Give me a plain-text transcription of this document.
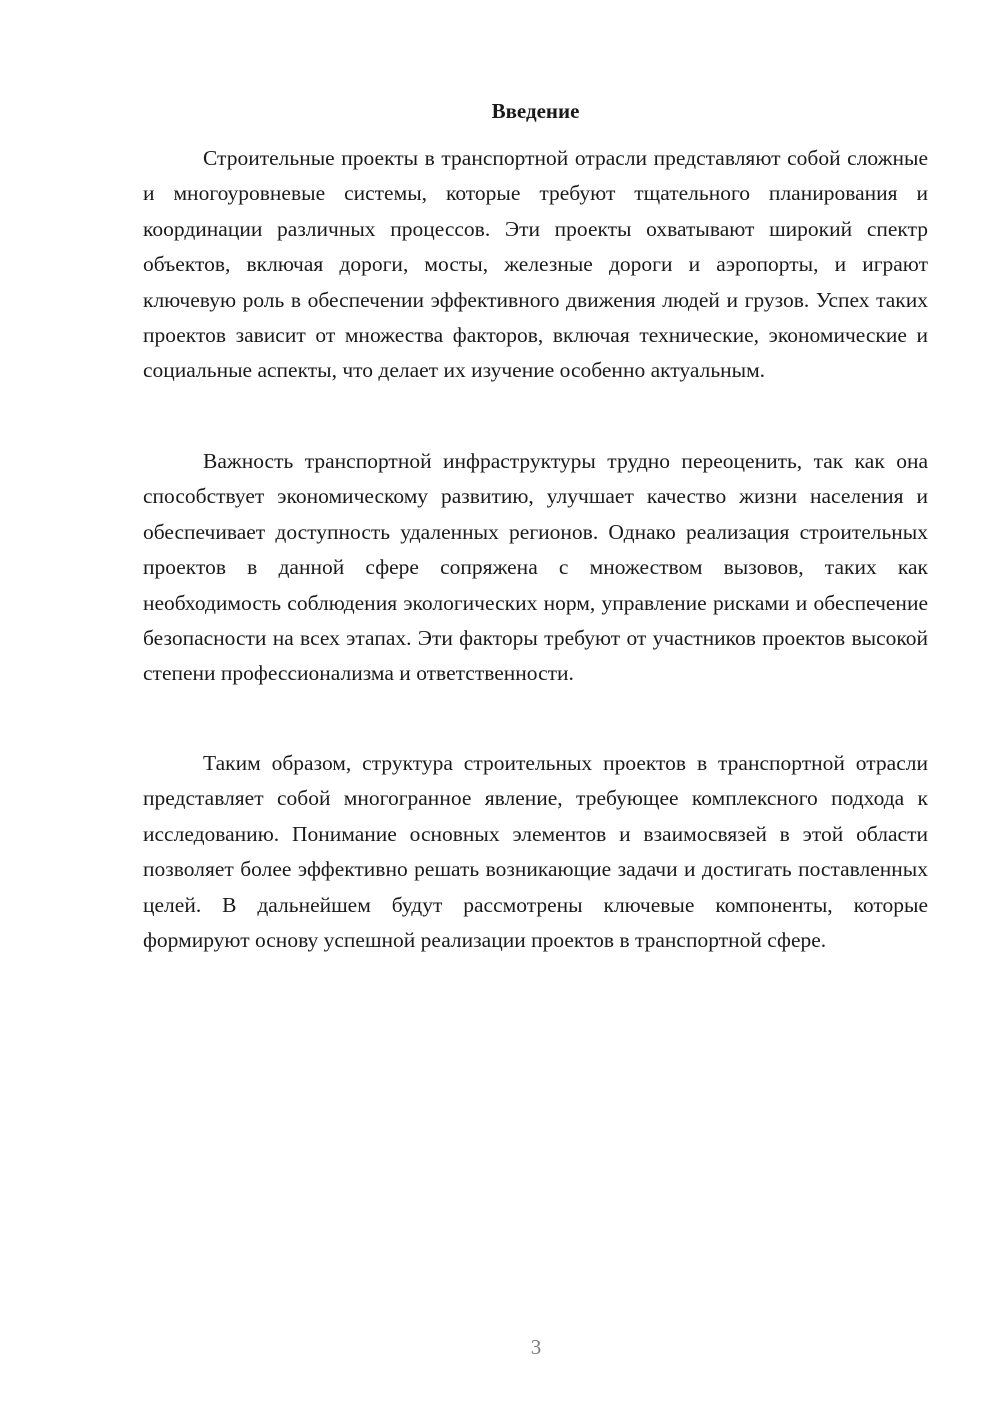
Введение

Строительные проекты в транспортной отрасли представляют собой сложные и многоуровневые системы, которые требуют тщательного планирования и координации различных процессов. Эти проекты охватывают широкий спектр объектов, включая дороги, мосты, железные дороги и аэропорты, и играют ключевую роль в обеспечении эффективного движения людей и грузов. Успех таких проектов зависит от множества факторов, включая технические, экономические и социальные аспекты, что делает их изучение особенно актуальным.

Важность транспортной инфраструктуры трудно переоценить, так как она способствует экономическому развитию, улучшает качество жизни населения и обеспечивает доступность удаленных регионов. Однако реализация строительных проектов в данной сфере сопряжена с множеством вызовов, таких как необходимость соблюдения экологических норм, управление рисками и обеспечение безопасности на всех этапах. Эти факторы требуют от участников проектов высокой степени профессионализма и ответственности.

Таким образом, структура строительных проектов в транспортной отрасли представляет собой многогранное явление, требующее комплексного подхода к исследованию. Понимание основных элементов и взаимосвязей в этой области позволяет более эффективно решать возникающие задачи и достигать поставленных целей. В дальнейшем будут рассмотрены ключевые компоненты, которые формируют основу успешной реализации проектов в транспортной сфере.

3
